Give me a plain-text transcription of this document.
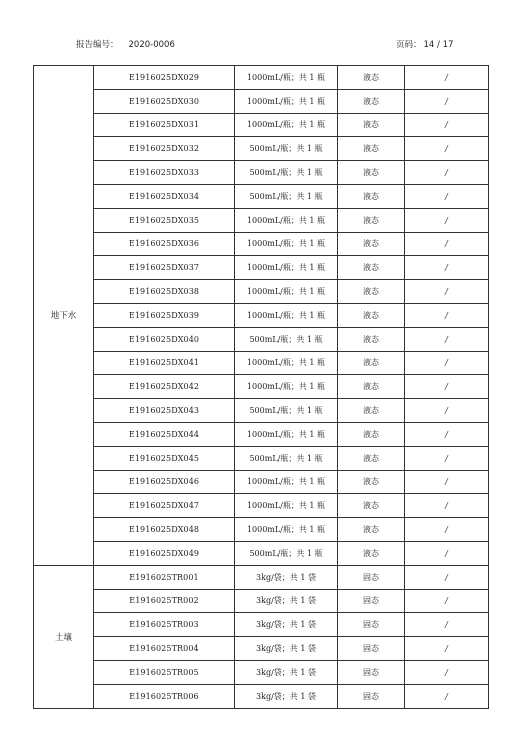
报告编号： 2020-0006	页码： 14 / 17
地下水	E1916025DX029	1000mL/瓶；共 1 瓶	液态	/
	E1916025DX030	1000mL/瓶；共 1 瓶	液态	/
	E1916025DX031	1000mL/瓶；共 1 瓶	液态	/
	E1916025DX032	500mL/瓶；共 1 瓶	液态	/
	E1916025DX033	500mL/瓶；共 1 瓶	液态	/
	E1916025DX034	500mL/瓶；共 1 瓶	液态	/
	E1916025DX035	1000mL/瓶；共 1 瓶	液态	/
	E1916025DX036	1000mL/瓶；共 1 瓶	液态	/
	E1916025DX037	1000mL/瓶；共 1 瓶	液态	/
	E1916025DX038	1000mL/瓶；共 1 瓶	液态	/
	E1916025DX039	1000mL/瓶；共 1 瓶	液态	/
	E1916025DX040	500mL/瓶；共 1 瓶	液态	/
	E1916025DX041	1000mL/瓶；共 1 瓶	液态	/
	E1916025DX042	1000mL/瓶；共 1 瓶	液态	/
	E1916025DX043	500mL/瓶；共 1 瓶	液态	/
	E1916025DX044	1000mL/瓶；共 1 瓶	液态	/
	E1916025DX045	500mL/瓶；共 1 瓶	液态	/
	E1916025DX046	1000mL/瓶；共 1 瓶	液态	/
	E1916025DX047	1000mL/瓶；共 1 瓶	液态	/
	E1916025DX048	1000mL/瓶；共 1 瓶	液态	/
	E1916025DX049	500mL/瓶；共 1 瓶	液态	/
土壤	E1916025TR001	3kg/袋；共 1 袋	固态	/
	E1916025TR002	3kg/袋；共 1 袋	固态	/
	E1916025TR003	3kg/袋；共 1 袋	固态	/
	E1916025TR004	3kg/袋；共 1 袋	固态	/
	E1916025TR005	3kg/袋；共 1 袋	固态	/
	E1916025TR006	3kg/袋；共 1 袋	固态	/
